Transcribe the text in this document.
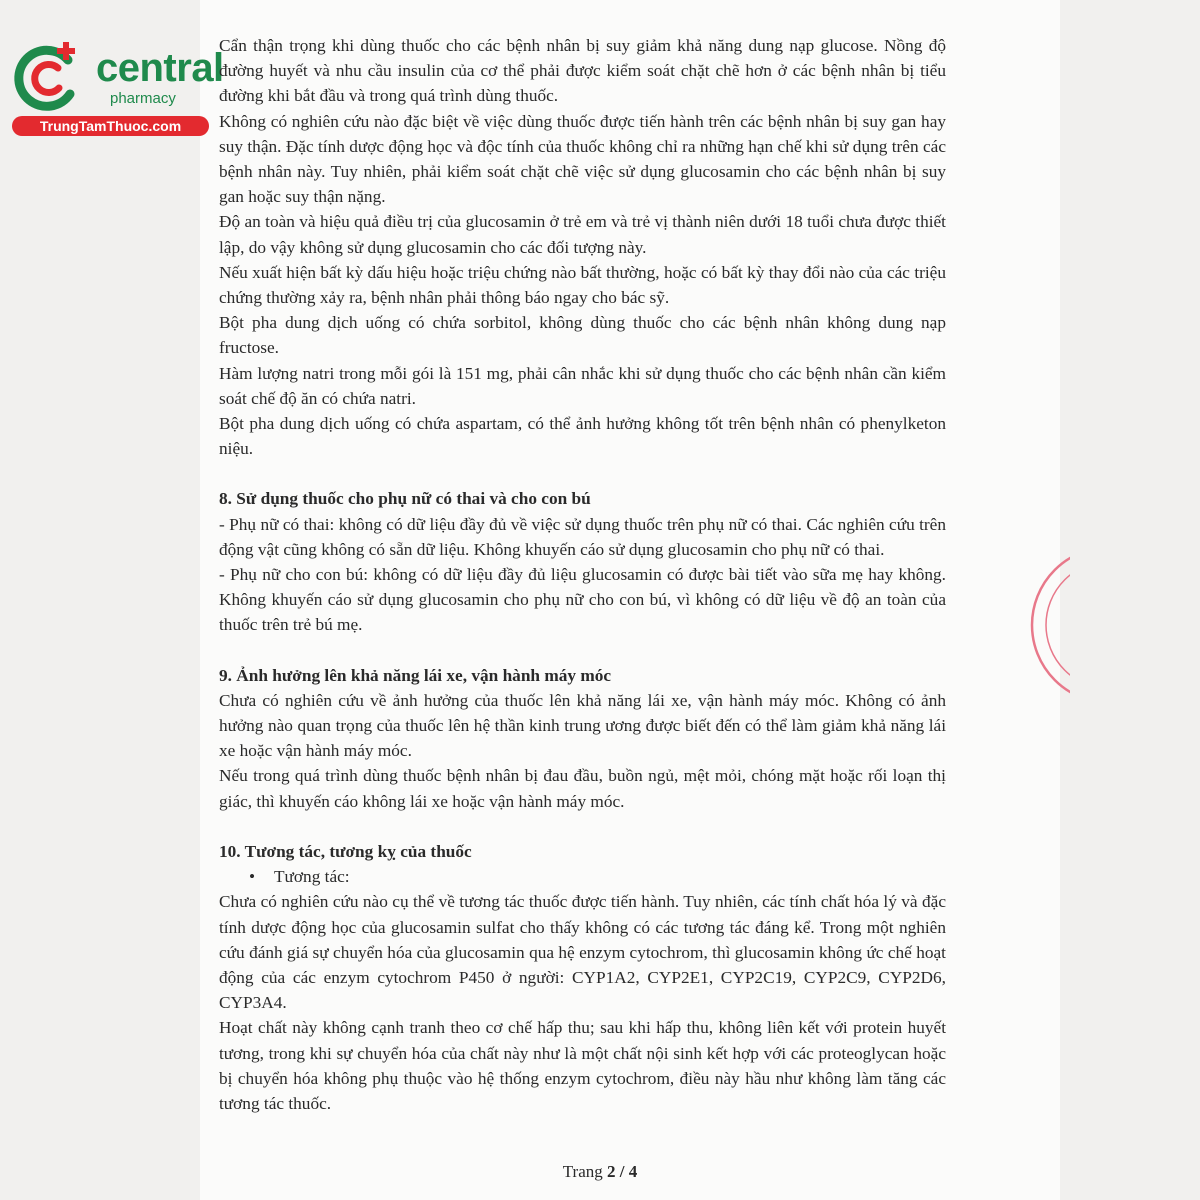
central
pharmacy
TrungTamThuoc.com

Cẩn thận trọng khi dùng thuốc cho các bệnh nhân bị suy giảm khả năng dung nạp glucose. Nồng độ đường huyết và nhu cầu insulin của cơ thể phải được kiểm soát chặt chẽ hơn ở các bệnh nhân bị tiểu đường khi bắt đầu và trong quá trình dùng thuốc.

Không có nghiên cứu nào đặc biệt về việc dùng thuốc được tiến hành trên các bệnh nhân bị suy gan hay suy thận. Đặc tính dược động học và độc tính của thuốc không chỉ ra những hạn chế khi sử dụng trên các bệnh nhân này. Tuy nhiên, phải kiểm soát chặt chẽ việc sử dụng glucosamin cho các bệnh nhân bị suy gan hoặc suy thận nặng.

Độ an toàn và hiệu quả điều trị của glucosamin ở trẻ em và trẻ vị thành niên dưới 18 tuổi chưa được thiết lập, do vậy không sử dụng glucosamin cho các đối tượng này.

Nếu xuất hiện bất kỳ dấu hiệu hoặc triệu chứng nào bất thường, hoặc có bất kỳ thay đổi nào của các triệu chứng thường xảy ra, bệnh nhân phải thông báo ngay cho bác sỹ.

Bột pha dung dịch uống có chứa sorbitol, không dùng thuốc cho các bệnh nhân không dung nạp fructose.

Hàm lượng natri trong mỗi gói là 151 mg, phải cân nhắc khi sử dụng thuốc cho các bệnh nhân cần kiểm soát chế độ ăn có chứa natri.

Bột pha dung dịch uống có chứa aspartam, có thể ảnh hưởng không tốt trên bệnh nhân có phenylketon niệu.

8. Sử dụng thuốc cho phụ nữ có thai và cho con bú

- Phụ nữ có thai: không có dữ liệu đầy đủ về việc sử dụng thuốc trên phụ nữ có thai. Các nghiên cứu trên động vật cũng không có sẵn dữ liệu. Không khuyến cáo sử dụng glucosamin cho phụ nữ có thai.

- Phụ nữ cho con bú: không có dữ liệu đầy đủ liệu glucosamin có được bài tiết vào sữa mẹ hay không. Không khuyến cáo sử dụng glucosamin cho phụ nữ cho con bú, vì không có dữ liệu về độ an toàn của thuốc trên trẻ bú mẹ.

9. Ảnh hưởng lên khả năng lái xe, vận hành máy móc

Chưa có nghiên cứu về ảnh hưởng của thuốc lên khả năng lái xe, vận hành máy móc. Không có ảnh hưởng nào quan trọng của thuốc lên hệ thần kinh trung ương được biết đến có thể làm giảm khả năng lái xe hoặc vận hành máy móc.

Nếu trong quá trình dùng thuốc bệnh nhân bị đau đầu, buồn ngủ, mệt mỏi, chóng mặt hoặc rối loạn thị giác, thì khuyến cáo không lái xe hoặc vận hành máy móc.

10. Tương tác, tương kỵ của thuốc

• Tương tác:

Chưa có nghiên cứu nào cụ thể về tương tác thuốc được tiến hành. Tuy nhiên, các tính chất hóa lý và đặc tính dược động học của glucosamin sulfat cho thấy không có các tương tác đáng kể. Trong một nghiên cứu đánh giá sự chuyển hóa của glucosamin qua hệ enzym cytochrom, thì glucosamin không ức chế hoạt động của các enzym cytochrom P450 ở người: CYP1A2, CYP2E1, CYP2C19, CYP2C9, CYP2D6, CYP3A4.

Hoạt chất này không cạnh tranh theo cơ chế hấp thu; sau khi hấp thu, không liên kết với protein huyết tương, trong khi sự chuyển hóa của chất này như là một chất nội sinh kết hợp với các proteoglycan hoặc bị chuyển hóa không phụ thuộc vào hệ thống enzym cytochrom, điều này hầu như không làm tăng các tương tác thuốc.

Trang 2 / 4
